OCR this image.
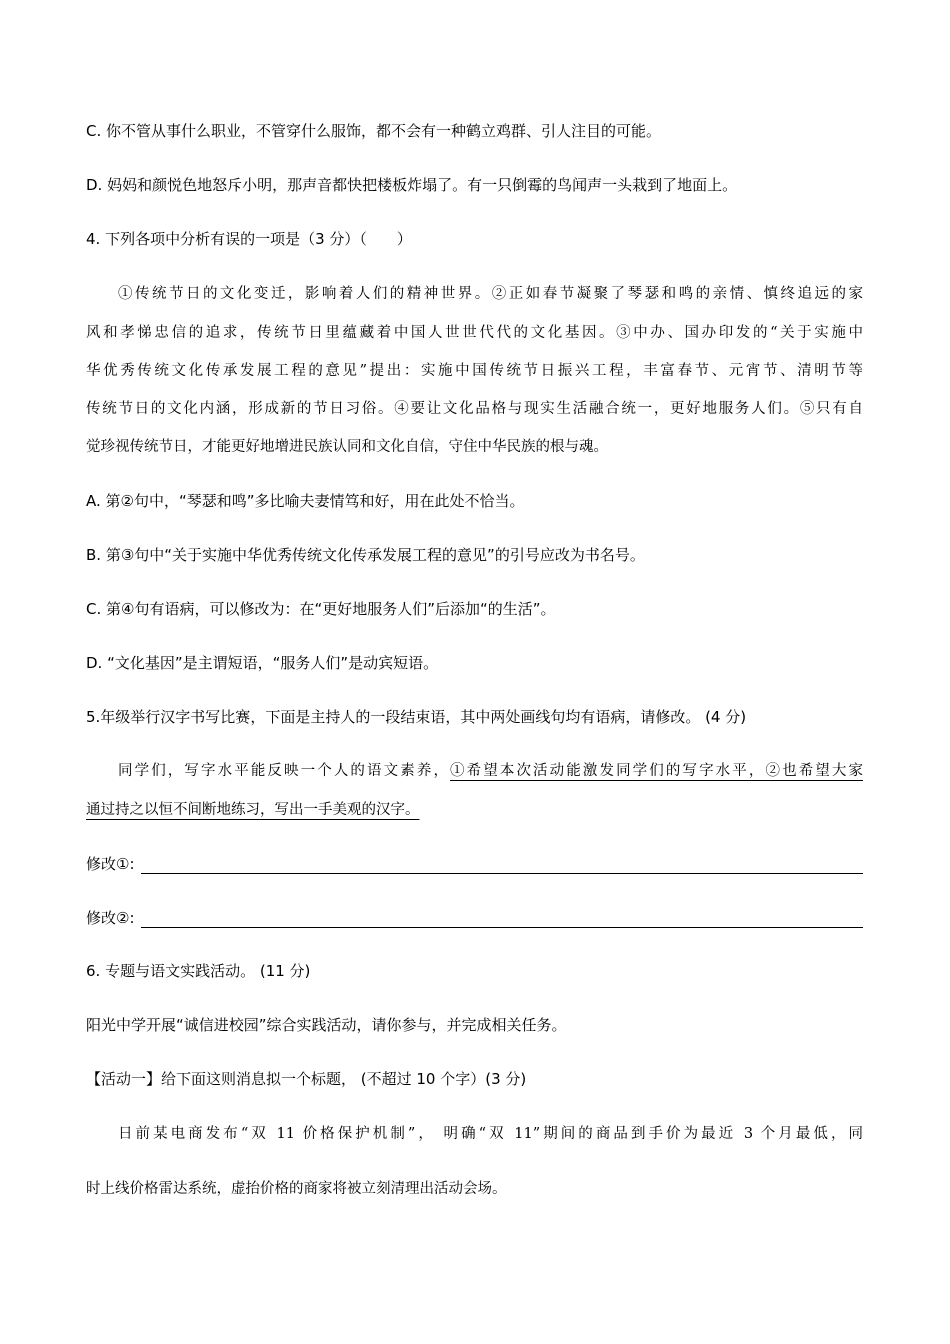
C. 你不管从事什么职业，不管穿什么服饰，都不会有一种鹤立鸡群、引人注目的可能。
D. 妈妈和颜悦色地怒斥小明，那声音都快把楼板炸塌了。有一只倒霉的鸟闻声一头栽到了地面上。
4. 下列各项中分析有误的一项是（3 分）（　　）
①传统节日的文化变迁，影响着人们的精神世界。②正如春节凝聚了琴瑟和鸣的亲情、慎终追远的家
风和孝悌忠信的追求，传统节日里蕴藏着中国人世世代代的文化基因。③中办、国办印发的“关于实施中
华优秀传统文化传承发展工程的意见”提出：实施中国传统节日振兴工程，丰富春节、元宵节、清明节等
传统节日的文化内涵，形成新的节日习俗。④要让文化品格与现实生活融合统一，更好地服务人们。⑤只有自
觉珍视传统节日，才能更好地增进民族认同和文化自信，守住中华民族的根与魂。
A. 第②句中，“琴瑟和鸣”多比喻夫妻情笃和好，用在此处不恰当。
B. 第③句中“关于实施中华优秀传统文化传承发展工程的意见”的引号应改为书名号。
C. 第④句有语病，可以修改为：在“更好地服务人们”后添加“的生活”。
D. “文化基因”是主谓短语，“服务人们”是动宾短语。
5.年级举行汉字书写比赛，下面是主持人的一段结束语，其中两处画线句均有语病，请修改。 (4 分)
同学们，写字水平能反映一个人的语文素养，①希望本次活动能激发同学们的写字水平，②也希望大家
通过持之以恒不间断地练习，写出一手美观的汉字。
修改①:
修改②:
6. 专题与语文实践活动。 (11 分)
阳光中学开展“诚信进校园”综合实践活动，请你参与，并完成相关任务。
【活动一】给下面这则消息拟一个标题， (不超过 10 个字）(3 分)
日前某电商发布“双 11 价格保护机制”， 明确“双 11”期间的商品到手价为最近 3 个月最低，同
时上线价格雷达系统，虚抬价格的商家将被立刻清理出活动会场。
